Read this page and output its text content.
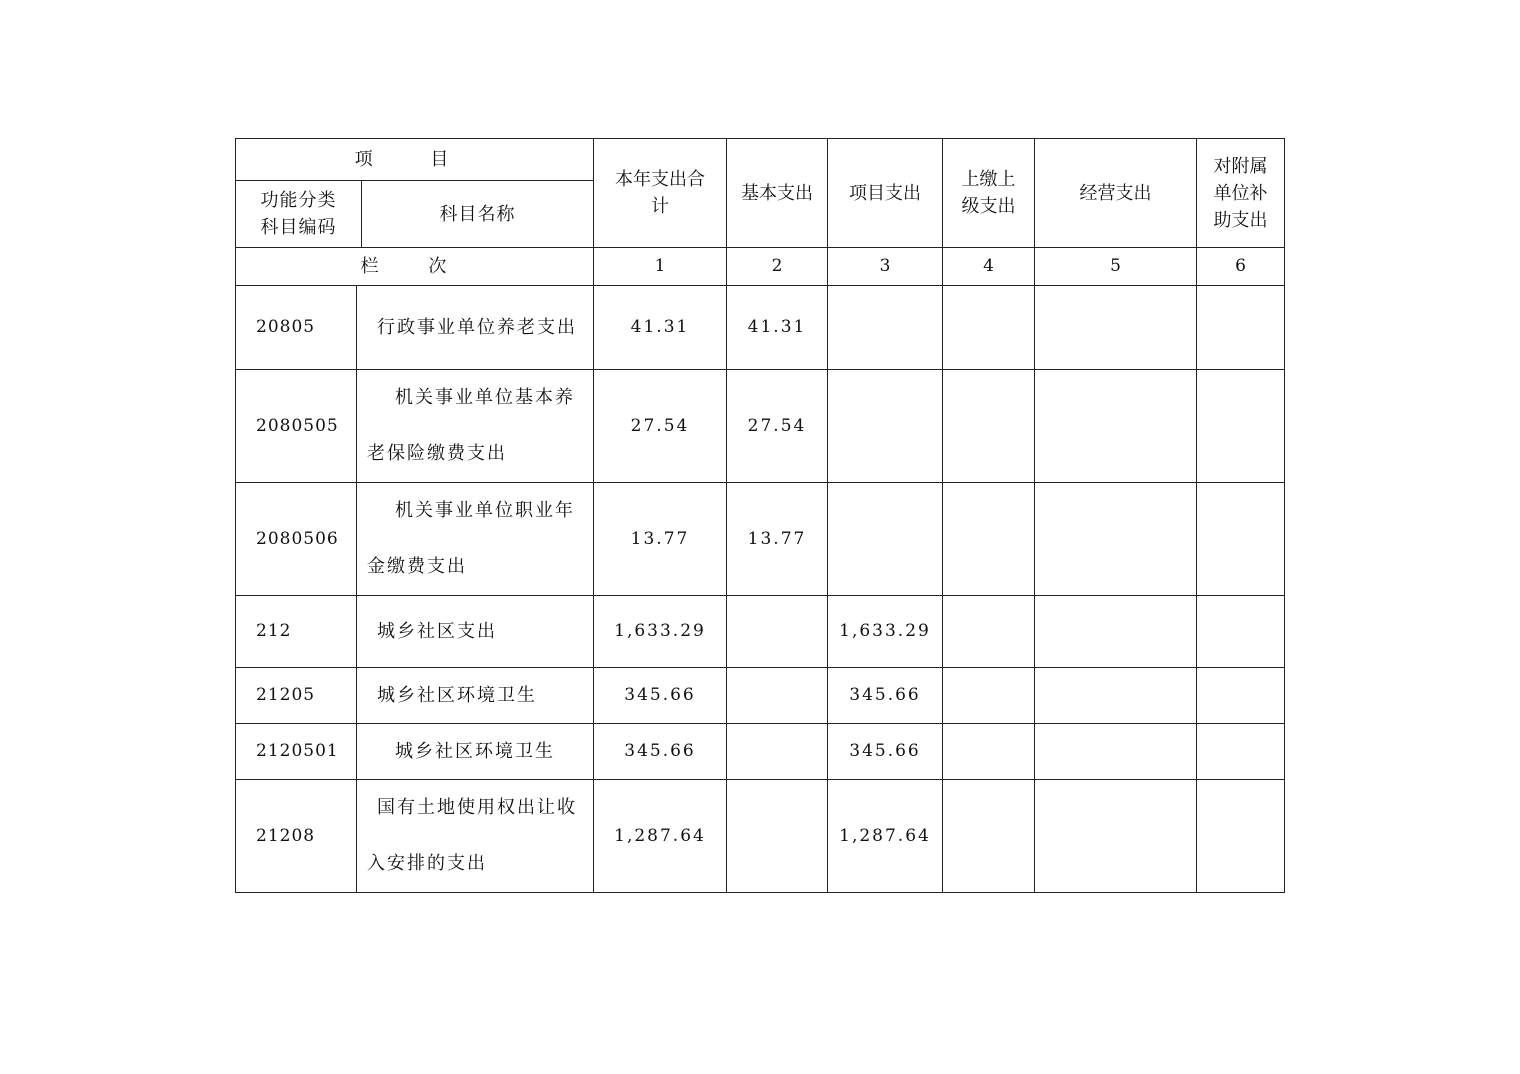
项 目		本年支出合计	基本支出	项目支出	上缴上级支出	经营支出	对附属单位补助支出

功能分类科目编码	科目名称						
栏 次		1	2	3	4	5	6
20805	行政事业单位养老支出	41.31	41.31				
2080505	机关事业单位基本养老保险缴费支出	27.54	27.54				
2080506	机关事业单位职业年金缴费支出	13.77	13.77				
212	城乡社区支出	1,633.29		1,633.29			
21205	城乡社区环境卫生	345.66		345.66			
2120501	城乡社区环境卫生	345.66		345.66			
21208	国有土地使用权出让收入安排的支出	1,287.64		1,287.64			
